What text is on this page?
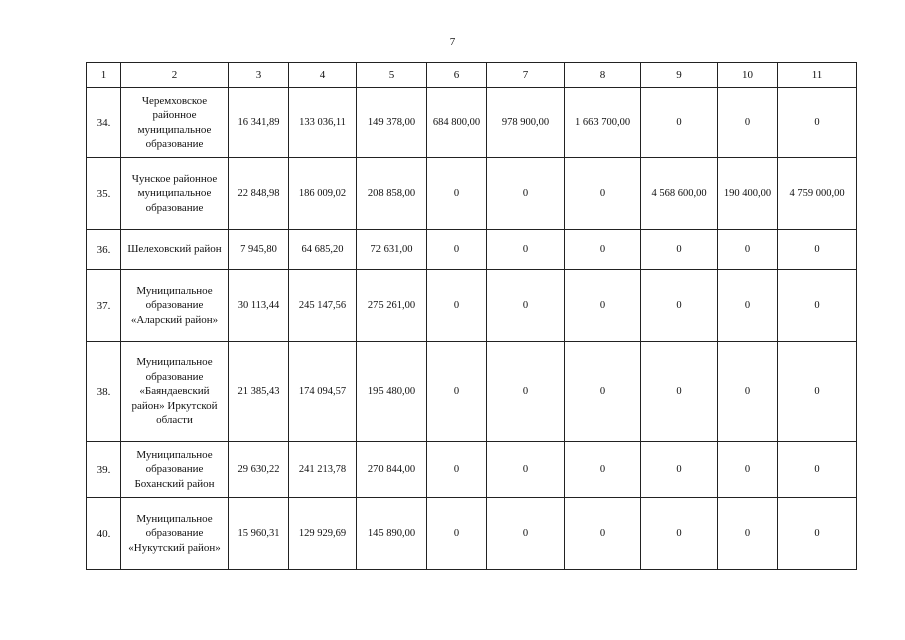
7
1	2	3	4	5	6	7	8	9	10	11
34.	Черемховское районное муниципальное образование	16 341,89	133 036,11	149 378,00	684 800,00	978 900,00	1 663 700,00	0	0	0
35.	Чунское районное муниципальное образование	22 848,98	186 009,02	208 858,00	0	0	0	4 568 600,00	190 400,00	4 759 000,00
36.	Шелеховский район	7 945,80	64 685,20	72 631,00	0	0	0	0	0	0
37.	Муниципальное образование «Аларский район»	30 113,44	245 147,56	275 261,00	0	0	0	0	0	0
38.	Муниципальное образование «Баяндаевский район» Иркутской области	21 385,43	174 094,57	195 480,00	0	0	0	0	0	0
39.	Муниципальное образование Боханский район	29 630,22	241 213,78	270 844,00	0	0	0	0	0	0
40.	Муниципальное образование «Нукутский район»	15 960,31	129 929,69	145 890,00	0	0	0	0	0	0
